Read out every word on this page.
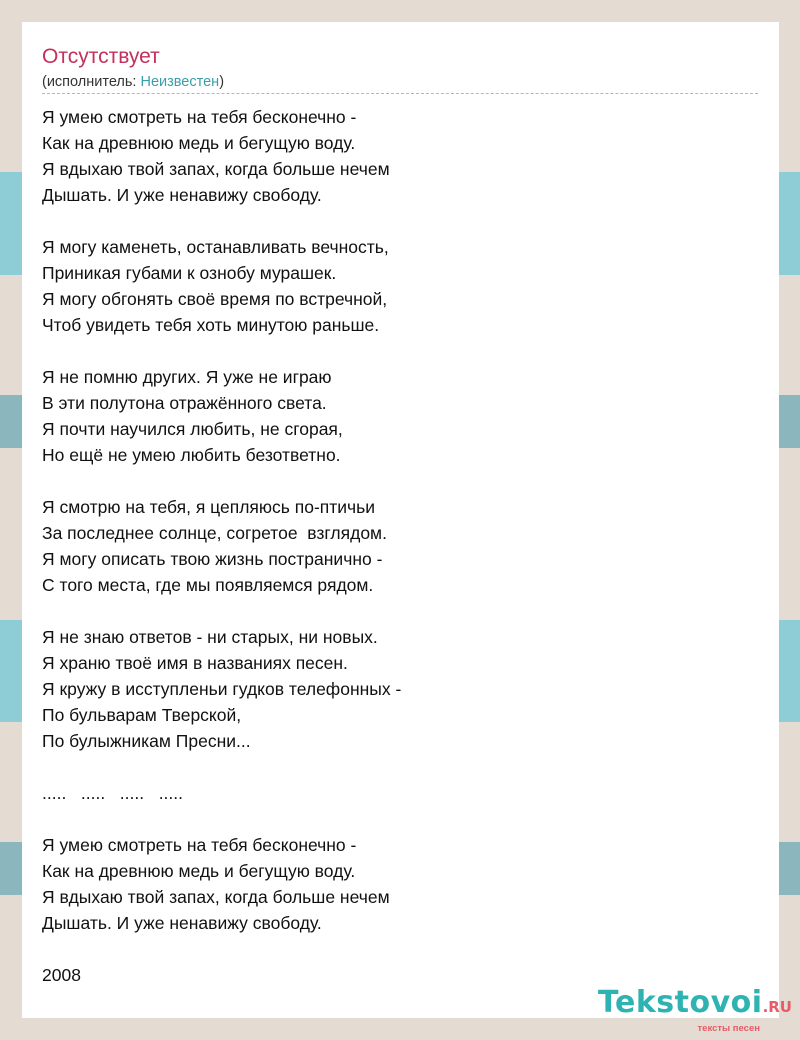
Отсутствует
(исполнитель: Неизвестен)
Я умею смотреть на тебя бесконечно -
Как на древнюю медь и бегущую воду.
Я вдыхаю твой запах, когда больше нечем
Дышать. И уже ненавижу свободу.
Я могу каменеть, останавливать вечность,
Приникая губами к ознобу мурашек.
Я могу обгонять своё время по встречной,
Чтоб увидеть тебя хоть минутою раньше.
Я не помню других. Я уже не играю
В эти полутона отражённого света.
Я почти научился любить, не сгорая,
Но ещё не умею любить безответно.
Я смотрю на тебя, я цепляюсь по-птичьи
За последнее солнце, согретое  взглядом.
Я могу описать твою жизнь постранично -
С того места, где мы появляемся рядом.
Я не знаю ответов - ни старых, ни новых.
Я храню твоё имя в названиях песен.
Я кружу в исступленьи гудков телефонных -
По бульварам Тверской,
По булыжникам Пресни...
.....   .....   .....   .....
Я умею смотреть на тебя бесконечно -
Как на древнюю медь и бегущую воду.
Я вдыхаю твой запах, когда больше нечем
Дышать. И уже ненавижу свободу.
2008
Tekstovoi.RU
тексты песен
